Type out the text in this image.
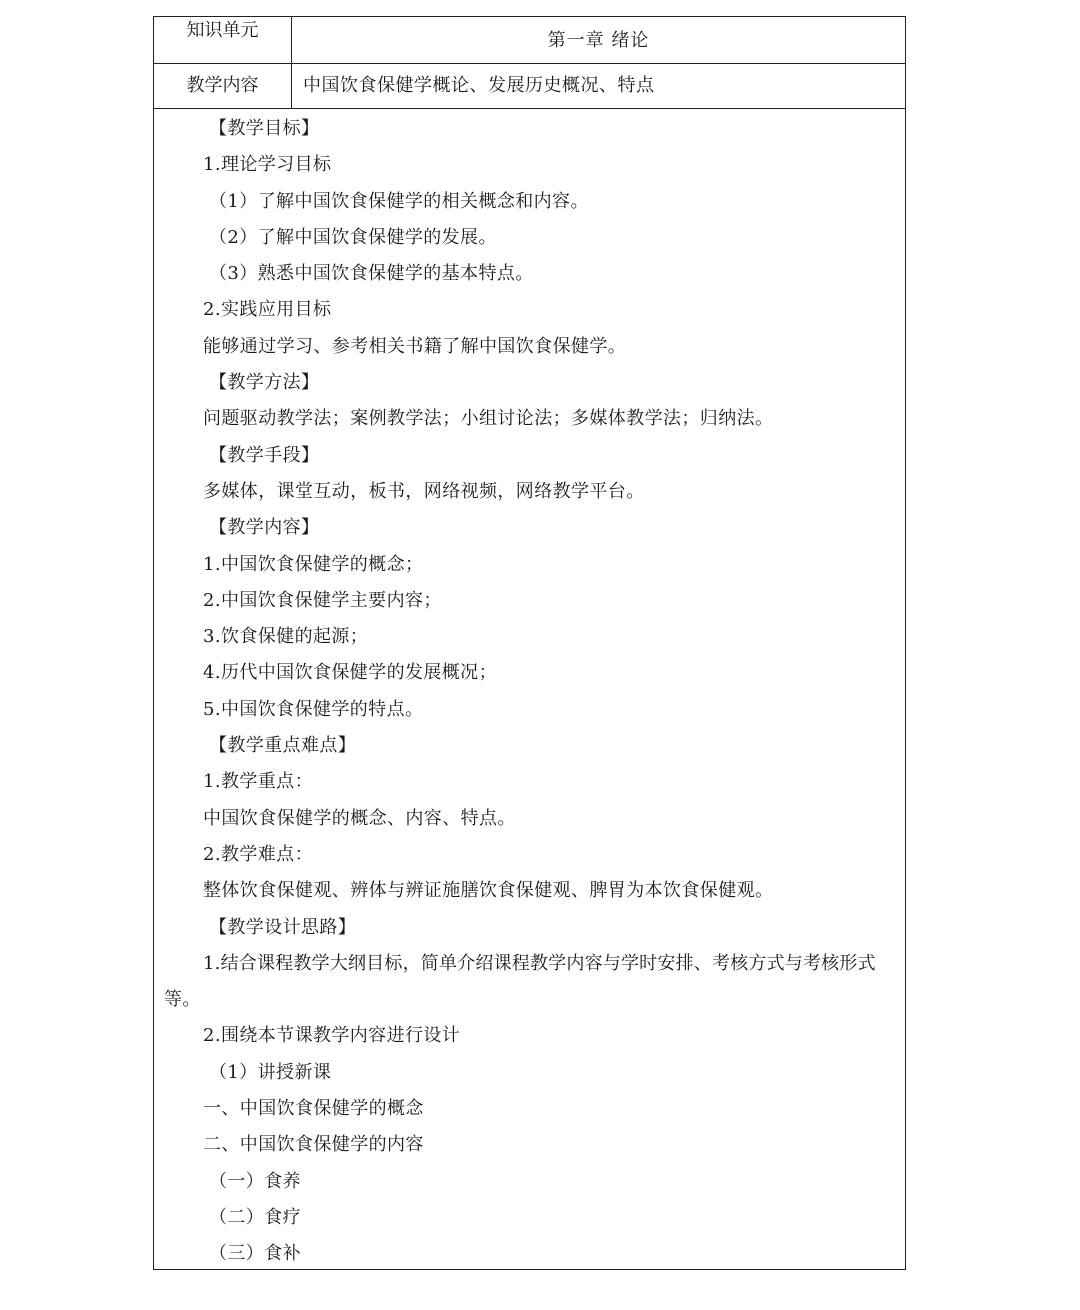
知识单元	第一章 绪论
教学内容	中国饮食保健学概论、发展历史概况、特点
【教学目标】
1.理论学习目标
（1）了解中国饮食保健学的相关概念和内容。
（2）了解中国饮食保健学的发展。
（3）熟悉中国饮食保健学的基本特点。
2.实践应用目标
能够通过学习、参考相关书籍了解中国饮食保健学。
【教学方法】
问题驱动教学法；案例教学法；小组讨论法；多媒体教学法；归纳法。
【教学手段】
多媒体，课堂互动，板书，网络视频，网络教学平台。
【教学内容】
1.中国饮食保健学的概念；
2.中国饮食保健学主要内容；
3.饮食保健的起源；
4.历代中国饮食保健学的发展概况；
5.中国饮食保健学的特点。
【教学重点难点】
1.教学重点：
中国饮食保健学的概念、内容、特点。
2.教学难点：
整体饮食保健观、辨体与辨证施膳饮食保健观、脾胃为本饮食保健观。
【教学设计思路】
1.结合课程教学大纲目标，简单介绍课程教学内容与学时安排、考核方式与考核形式
等。
2.围绕本节课教学内容进行设计
（1）讲授新课
一、中国饮食保健学的概念
二、中国饮食保健学的内容
（一）食养
（二）食疗
（三）食补
